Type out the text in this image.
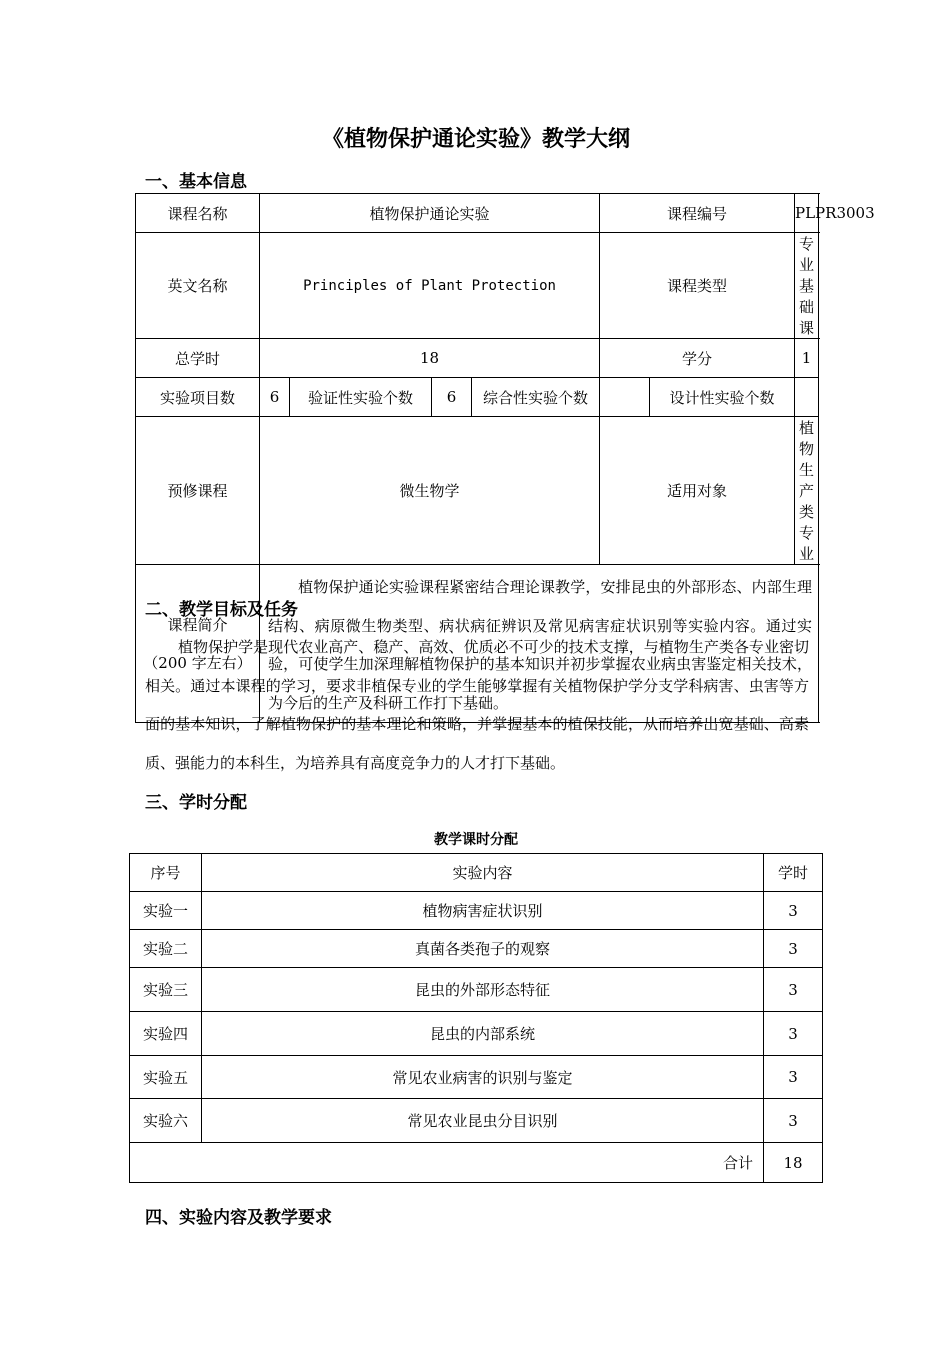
《植物保护通论实验》教学大纲
一、基本信息
课程名称	植物保护通论实验				课程编号		PLPR3003
英文名称	Principles of Plant Protection				课程类型		专业基础课
总学时	18				学分		1
实验项目数	6	验证性实验个数	6	综合性实验个数		设计性实验个数	
预修课程	微生物学				适用对象		植物生产类专业

课程简介
（200 字左右）	植物保护通论实验课程紧密结合理论课教学，安排昆虫的外部形态、内部生理结构、病原微生物类型、病状病征辨识及常见病害症状识别等实验内容。通过实验，可使学生加深理解植物保护的基本知识并初步掌握农业病虫害鉴定相关技术，为今后的生产及科研工作打下基础。						
二、教学目标及任务
植物保护学是现代农业高产、稳产、高效、优质必不可少的技术支撑，与植物生产类各专业密切相关。通过本课程的学习，要求非植保专业的学生能够掌握有关植物保护学分支学科病害、虫害等方面的基本知识，了解植物保护的基本理论和策略，并掌握基本的植保技能，从而培养出宽基础、高素质、强能力的本科生，为培养具有高度竞争力的人才打下基础。
三、学时分配
教学课时分配
序号	实验内容	学时
实验一	植物病害症状识别	3
实验二	真菌各类孢子的观察	3
实验三	昆虫的外部形态特征	3
实验四	昆虫的内部系统	3
实验五	常见农业病害的识别与鉴定	3
实验六	常见农业昆虫分目识别	3
合计		18
四、实验内容及教学要求
